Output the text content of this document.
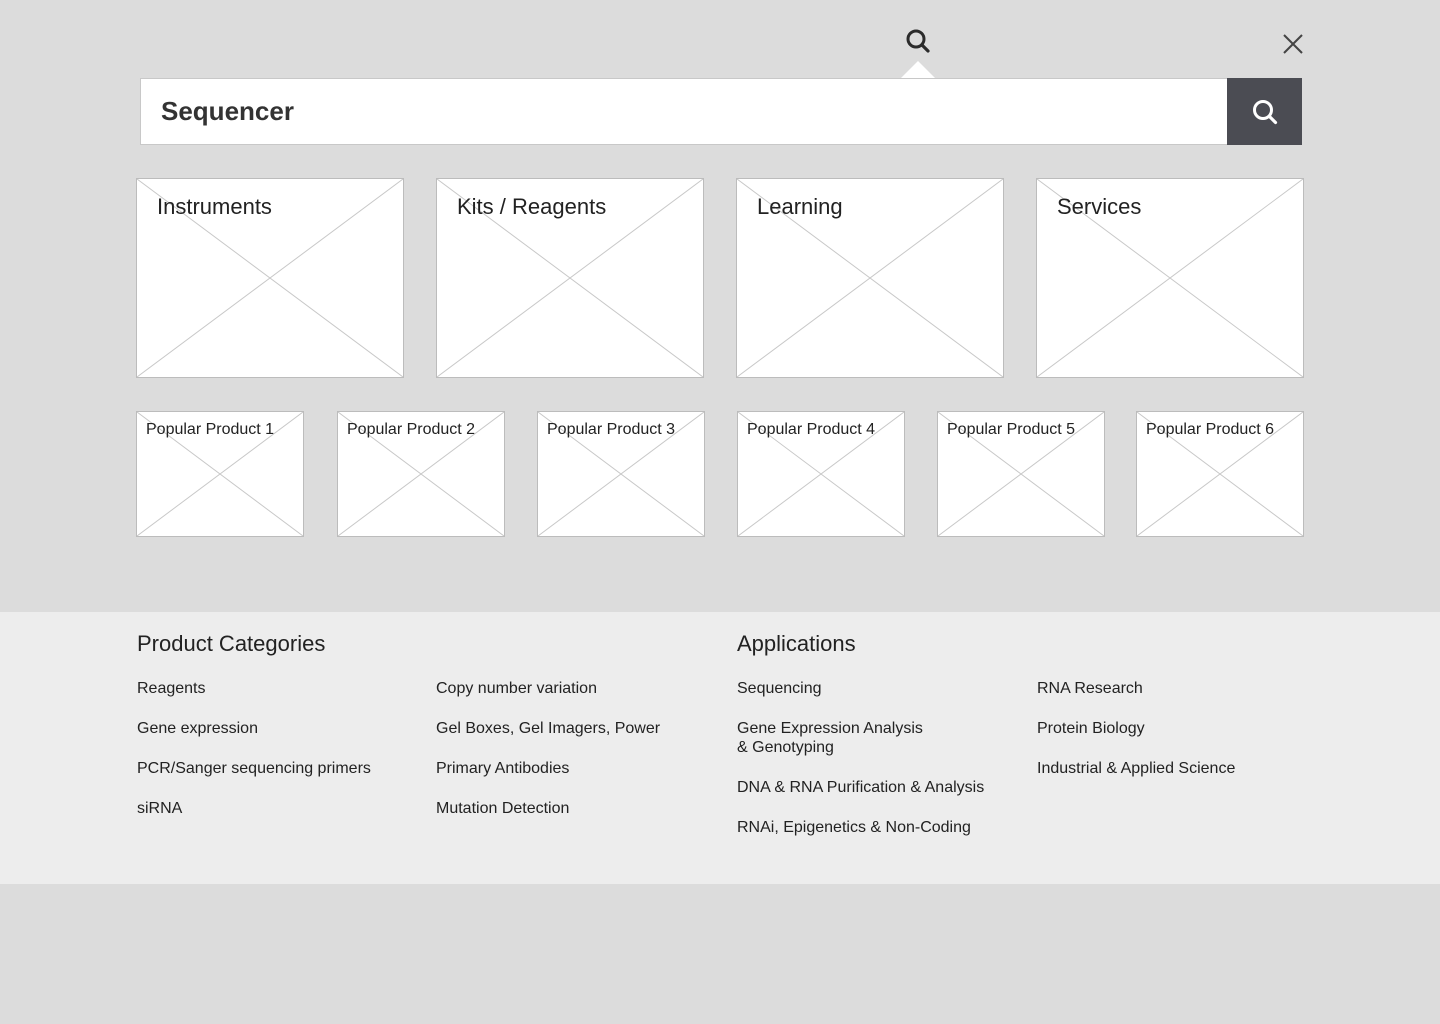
Sequencer
Instruments	Kits / Reagents	Learning	Services
Popular Product 1	Popular Product 2	Popular Product 3	Popular Product 4	Popular Product 5	Popular Product 6
Product Categories	Applications
Reagents
Gene expression
PCR/Sanger sequencing primers
siRNA
Copy number variation
Gel Boxes, Gel Imagers, Power
Primary Antibodies
Mutation Detection
Sequencing
Gene Expression Analysis
& Genotyping
DNA & RNA Purification & Analysis
RNAi, Epigenetics & Non-Coding
RNA Research
Protein Biology
Industrial & Applied Science
